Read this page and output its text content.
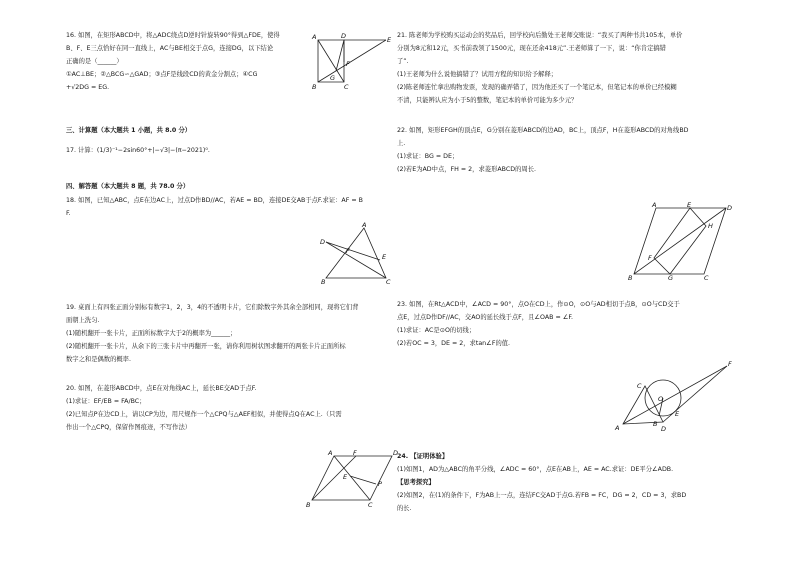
16. 如图，在矩形ABCD中，将△ADC绕点D逆时针旋转90°得到△FDE，使得
B、F、E三点恰好在同一直线上，AC与BE相交于点G，连接DG，以下结论
正确的是（______）
①AC⊥BE；②△BCG∽△GAD；③点F是线段CD的黄金分割点；④CG
+√2DG = EG.
A	D	E
B
G
F
C
三、计算题（本大题共 1 小题，共 8.0 分）
17. 计算：(1/3)⁻¹−2sin60°+|−√3|−(π−2021)⁰.
四、解答题（本大题共 8 题，共 78.0 分）
18. 如图，已知△ABC，点E在边AC上，过点D作BD//AC，若AE = BD，连接DE交AB于点F.求证：AF = B
F.
A
D
F
E
B	C
19. 桌面上有四张正面分别标有数字1，2，3，4的不透明卡片，它们除数字外其余全部相同，现将它们背
面朝上洗匀.
(1)随机翻开一张卡片，正面所标数字大于2的概率为______；
(2)随机翻开一张卡片，从余下的三张卡片中再翻开一张，请你利用树状图求翻开的两张卡片正面所标
数字之和是偶数的概率.
20. 如图，在菱形ABCD中，点E在对角线AC上，延长BE交AD于点F.
(1)求证：EF/EB = FA/BC；
(2)已知点P在边CD上，请以CP为边，用尺规作一个△CPQ与△AEF相似，并使得点Q在AC上.（只需
作出一个△CPQ，保留作图痕迹，不写作法）
A	D
F
E
P
B	C
21. 陈老师为学校购买运动会的奖品后，回学校向后勤处王老师交账说：“我买了两种书共105本，单价
分别为8元和12元，买书前我领了1500元，现在还余418元”.王老师算了一下，说：“你肯定搞错
了”.
(1)王老师为什么说他搞错了？试用方程的知识给予解释；
(2)陈老师连忙拿出购物发票，发现的确弄错了，因为他还买了一个笔记本，但笔记本的单价已经模糊
不清，只能辨认应为小于5的整数，笔记本的单价可能为多少元？
22. 如图，矩形EFGH的顶点E，G分别在菱形ABCD的边AD，BC上，顶点F，H在菱形ABCD的对角线BD
上.
(1)求证：BG = DE；
(2)若E为AD中点，FH = 2，求菱形ABCD的周长.
A	E	D
H
F
B	G	C
23. 如图，在Rt△ACD中，∠ACD = 90°，点O在CD上，作⊙O，⊙O与AD相切于点B，⊙O与CD交于
点E，过点D作DF//AC，交AO的延长线于点F，且∠OAB = ∠F.
(1)求证：AC是⊙O的切线；
(2)若OC = 3，DE = 2，求tan∠F的值.
F
C
O
E
A	B
D
24. 【证明体验】
(1)如图1，AD为△ABC的角平分线，∠ADC = 60°，点E在AB上，AE = AC.求证：DE平分∠ADB.
【思考探究】
(2)如图2，在(1)的条件下，F为AB上一点，连结FC交AD于点G.若FB = FC，DG = 2，CD = 3，求BD
的长.
